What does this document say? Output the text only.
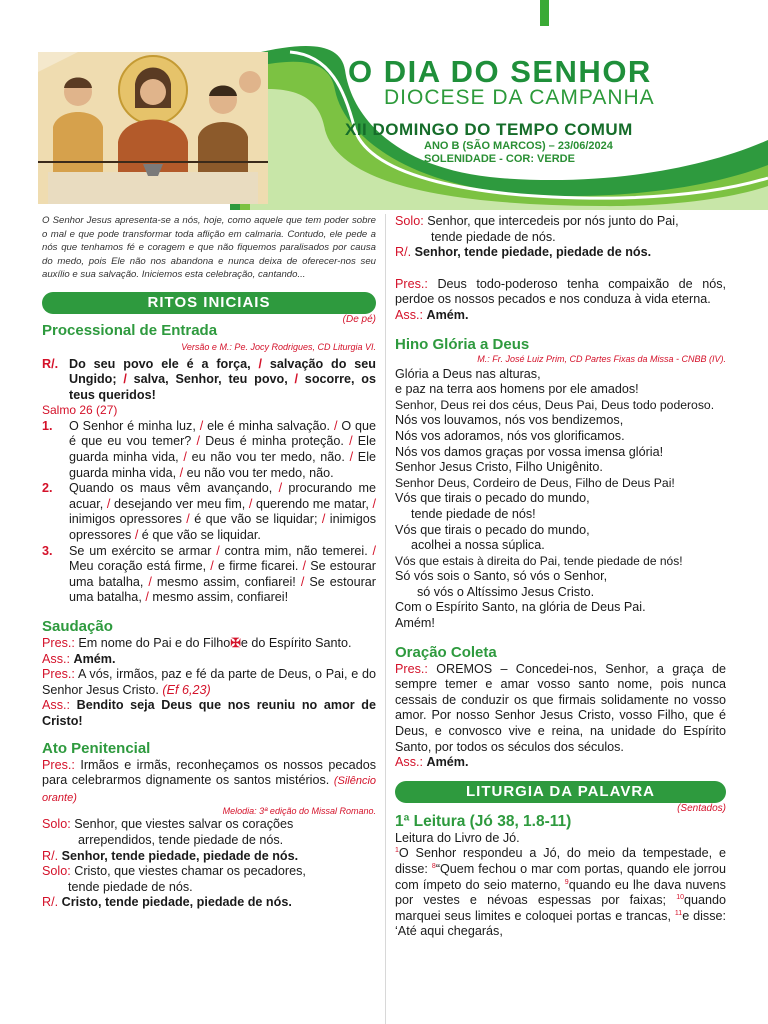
O DIA DO SENHOR
DIOCESE DA CAMPANHA
XII DOMINGO DO TEMPO COMUM
ANO B (SÃO MARCOS) – 23/06/2024
SOLENIDADE - COR: VERDE

O Senhor Jesus apresenta-se a nós, hoje, como aquele que tem poder sobre o mal e que pode transformar toda aflição em calmaria. Contudo, ele pede a nós que tenhamos fé e coragem e que não fiquemos paralisados por causa do medo, pois Ele não nos abandona e nunca deixa de oferecer-nos seu auxílio e sua salvação. Iniciemos esta celebração, cantando...

RITOS INICIAIS
(De pé)
Processional de Entrada
Versão e M.: Pe. Jocy Rodrigues, CD Liturgia VI.
R/. Do seu povo ele é a força, / salvação do seu Ungido; / salva, Senhor, teu povo, / socorre, os teus queridos!
Salmo 26 (27)
1.	O Senhor é minha luz, / ele é minha salvação. / O que é que eu vou temer? / Deus é minha proteção. / Ele guarda minha vida, / eu não vou ter medo, não. / Ele guarda minha vida, / eu não vou ter medo, não.
2.	Quando os maus vêm avançando, / procurando me acuar, / desejando ver meu fim, / querendo me matar, / inimigos opressores / é que vão se liquidar; / inimigos opressores / é que vão se liquidar.
3.	Se um exército se armar / contra mim, não temerei. / Meu coração está firme, / e firme ficarei. / Se estourar uma batalha, / mesmo assim, confiarei! / Se estourar uma batalha, / mesmo assim, confiarei!
Saudação
Pres.: Em nome do Pai e do Filho✠e do Espírito Santo.
Ass.: Amém.
Pres.: A vós, irmãos, paz e fé da parte de Deus, o Pai, e do Senhor Jesus Cristo. (Ef 6,23)
Ass.: Bendito seja Deus que nos reuniu no amor de Cristo!
Ato Penitencial
Pres.: Irmãos e irmãs, reconheçamos os nossos pecados para celebrarmos dignamente os santos mistérios. (Silêncio orante)
Melodia: 3ª edição do Missal Romano.
Solo: Senhor, que viestes salvar os corações
arrependidos, tende piedade de nós.
R/. Senhor, tende piedade, piedade de nós.
Solo: Cristo, que viestes chamar os pecadores,
tende piedade de nós.
R/. Cristo, tende piedade, piedade de nós.
Solo: Senhor, que intercedeis por nós junto do Pai,
tende piedade de nós.
R/. Senhor, tende piedade, piedade de nós.
Pres.: Deus todo-poderoso tenha compaixão de nós, perdoe os nossos pecados e nos conduza à vida eterna.
Ass.: Amém.
Hino Glória a Deus
M.: Fr. José Luiz Prim, CD Partes Fixas da Missa - CNBB (IV).
Glória a Deus nas alturas,
e paz na terra aos homens por ele amados!
Senhor, Deus rei dos céus, Deus Pai, Deus todo poderoso.
Nós vos louvamos, nós vos bendizemos,
Nós vos adoramos, nós vos glorificamos.
Nós vos damos graças por vossa imensa glória!
Senhor Jesus Cristo, Filho Unigênito.
Senhor Deus, Cordeiro de Deus, Filho de Deus Pai!
Vós que tirais o pecado do mundo,
tende piedade de nós!
Vós que tirais o pecado do mundo,
acolhei a nossa súplica.
Vós que estais à direita do Pai, tende piedade de nós!
Só vós sois o Santo, só vós o Senhor,
só vós o Altíssimo Jesus Cristo.
Com o Espírito Santo, na glória de Deus Pai.
Amém!
Oração Coleta
Pres.: OREMOS – Concedei-nos, Senhor, a graça de sempre temer e amar vosso santo nome, pois nunca cessais de conduzir os que firmais solidamente no vosso amor. Por nosso Senhor Jesus Cristo, vosso Filho, que é Deus, e convosco vive e reina, na unidade do Espírito Santo, por todos os séculos dos séculos.
Ass.: Amém.
LITURGIA DA PALAVRA
(Sentados)
1ª Leitura (Jó 38, 1.8-11)
Leitura do Livro de Jó.
$^1$O Senhor respondeu a Jó, do meio da tempestade, e disse: $^8$“Quem fechou o mar com portas, quando ele jorrou com ímpeto do seio materno, $^9$quando eu lhe dava nuvens por vestes e névoas espessas por faixas; $^{10}$quando marquei seus limites e coloquei portas e trancas, $^{11}$e disse: ‘Até aqui chegarás,
